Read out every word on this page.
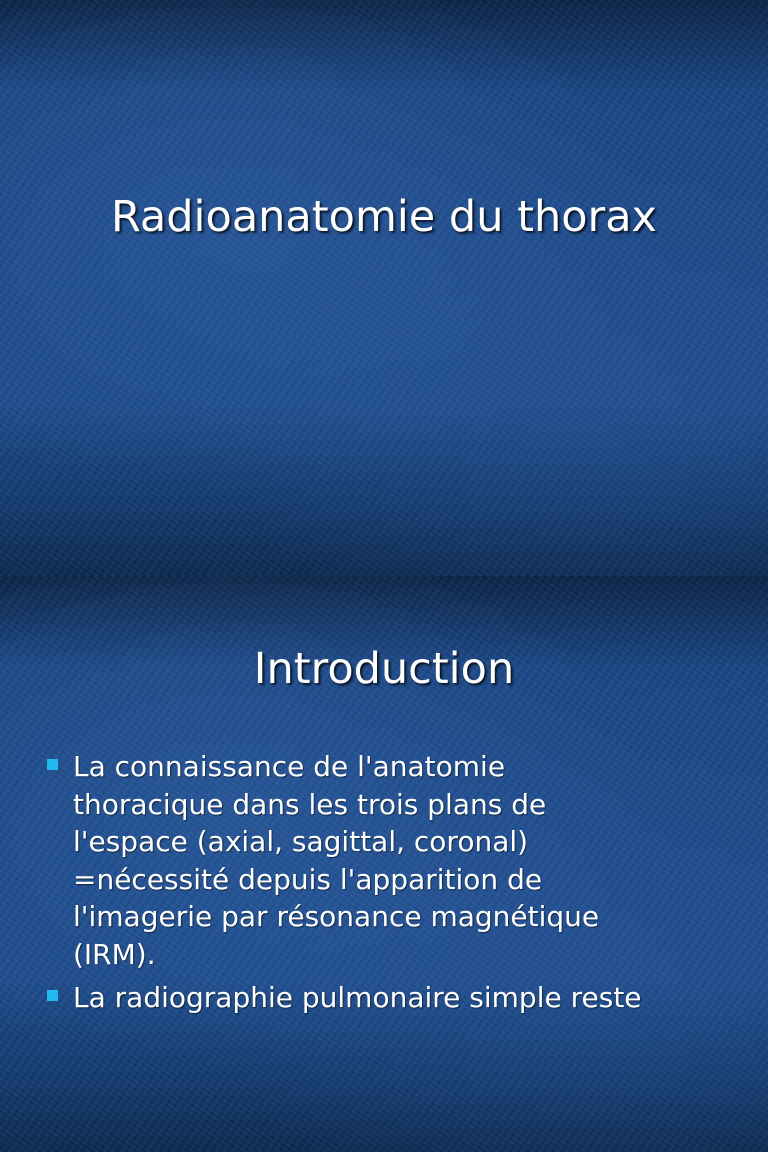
Radioanatomie du thorax
Introduction
La connaissance de l'anatomie
thoracique dans les trois plans de
l'espace (axial, sagittal, coronal)
=nécessité depuis l'apparition de
l'imagerie par résonance magnétique
(IRM).
La radiographie pulmonaire simple reste
